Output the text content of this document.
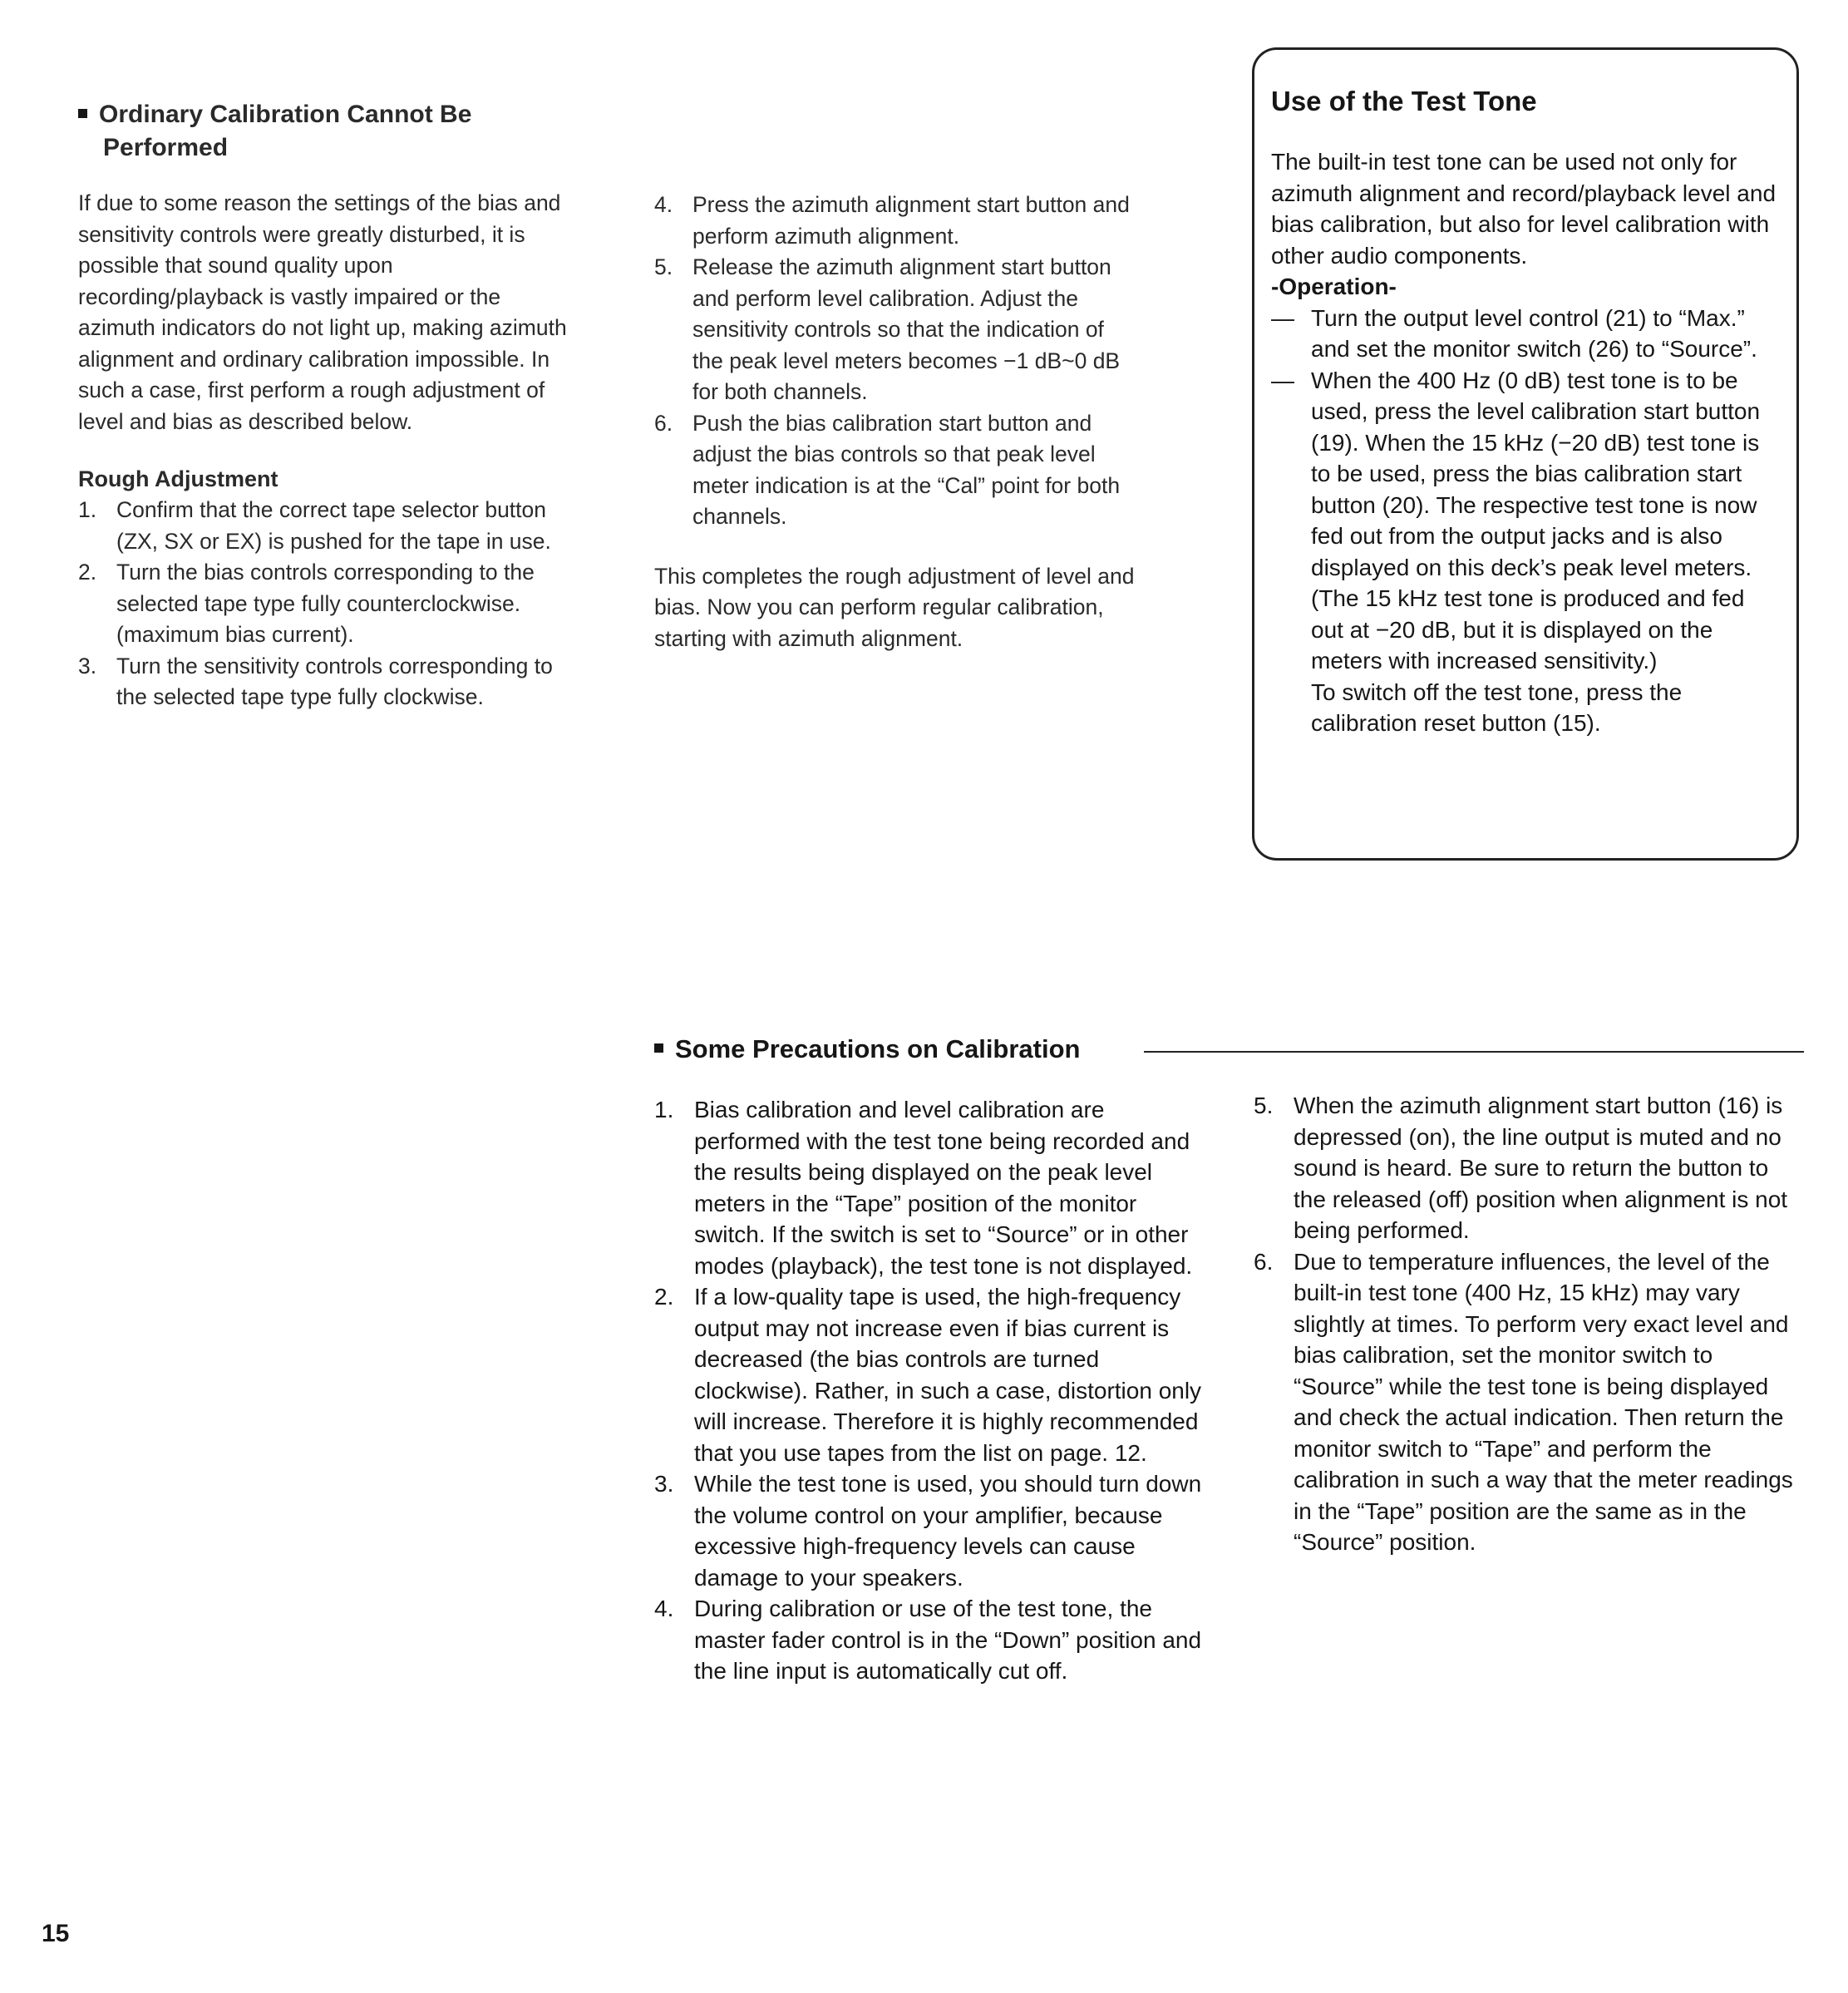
Ordinary Calibration Cannot Be
Performed

If due to some reason the settings of the bias and sensitivity controls were greatly disturbed, it is possible that sound quality upon recording/playback is vastly impaired or the azimuth indicators do not light up, making azimuth alignment and ordinary calibration impossible. In such a case, first perform a rough adjustment of level and bias as described below.

Rough Adjustment

1. Confirm that the correct tape selector button (ZX, SX or EX) is pushed for the tape in use.
2. Turn the bias controls corresponding to the selected tape type fully counterclockwise. (maximum bias current).
3. Turn the sensitivity controls corresponding to the selected tape type fully clockwise.
4. Press the azimuth alignment start button and perform azimuth alignment.
5. Release the azimuth alignment start button and perform level calibration. Adjust the sensitivity controls so that the indication of the peak level meters becomes −1 dB~0 dB for both channels.
6. Push the bias calibration start button and adjust the bias controls so that peak level meter indication is at the “Cal” point for both channels.

This completes the rough adjustment of level and bias. Now you can perform regular calibration, starting with azimuth alignment.

Use of the Test Tone

The built-in test tone can be used not only for azimuth alignment and record/playback level and bias calibration, but also for level calibration with other audio components.

-Operation-

— Turn the output level control (21) to “Max.” and set the monitor switch (26) to “Source”.
— When the 400 Hz (0 dB) test tone is to be used, press the level calibration start button (19). When the 15 kHz (−20 dB) test tone is to be used, press the bias calibration start button (20). The respective test tone is now fed out from the output jacks and is also displayed on this deck’s peak level meters. (The 15 kHz test tone is produced and fed out at −20 dB, but it is displayed on the meters with increased sensitivity.)

To switch off the test tone, press the calibration reset button (15).

Some Precautions on Calibration
1. Bias calibration and level calibration are performed with the test tone being recorded and the results being displayed on the peak level meters in the “Tape” position of the monitor switch. If the switch is set to “Source” or in other modes (playback), the test tone is not displayed.
2. If a low-quality tape is used, the high-frequency output may not increase even if bias current is decreased (the bias controls are turned clockwise). Rather, in such a case, distortion only will increase. Therefore it is highly recommended that you use tapes from the list on page. 12.
3. While the test tone is used, you should turn down the volume control on your amplifier, because excessive high-frequency levels can cause damage to your speakers.
4. During calibration or use of the test tone, the master fader control is in the “Down” position and the line input is automatically cut off.
5. When the azimuth alignment start button (16) is depressed (on), the line output is muted and no sound is heard. Be sure to return the button to the released (off) position when alignment is not being performed.
6. Due to temperature influences, the level of the built-in test tone (400 Hz, 15 kHz) may vary slightly at times. To perform very exact level and bias calibration, set the monitor switch to “Source” while the test tone is being displayed and check the actual indication. Then return the monitor switch to “Tape” and perform the calibration in such a way that the meter readings in the “Tape” position are the same as in the “Source” position.

15
